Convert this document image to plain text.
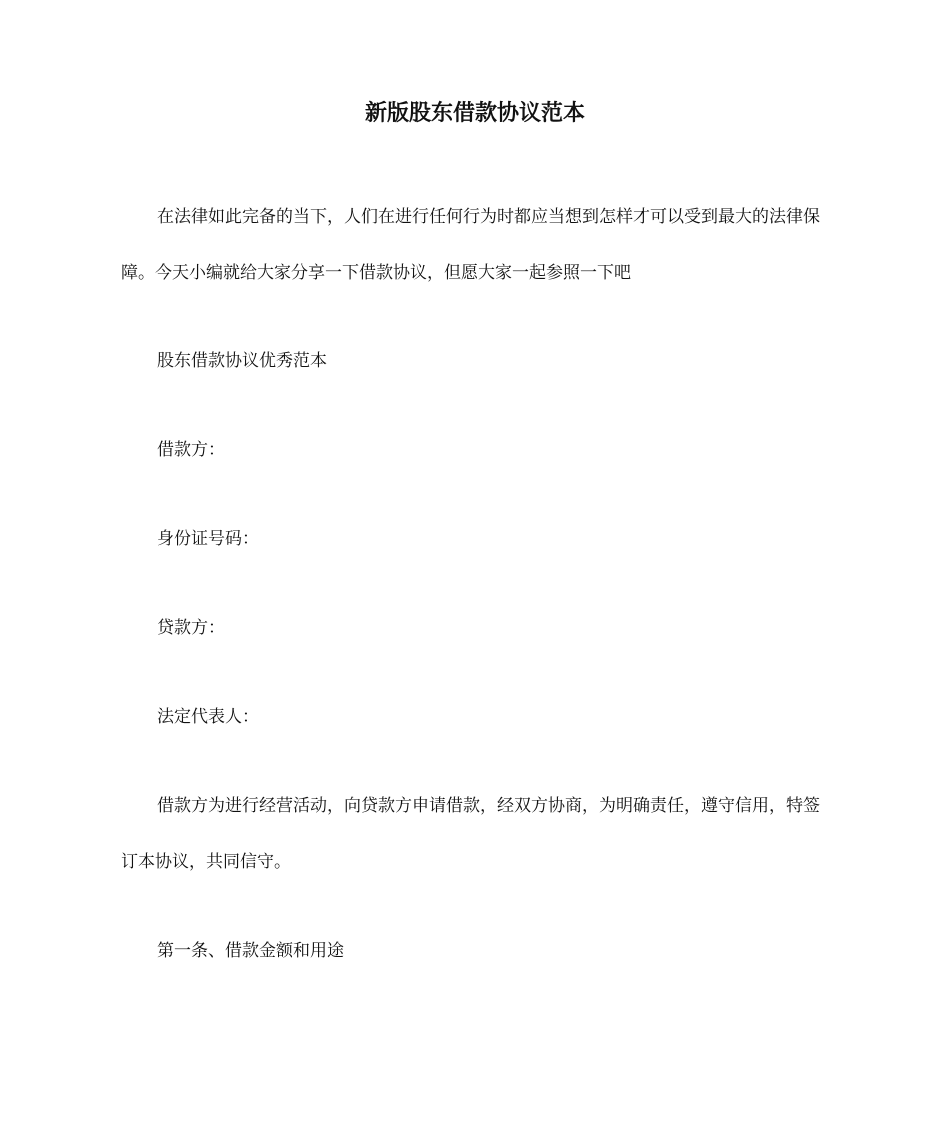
新版股东借款协议范本

在法律如此完备的当下，人们在进行任何行为时都应当想到怎样才可以受到最大的法律保障。今天小编就给大家分享一下借款协议，但愿大家一起参照一下吧

股东借款协议优秀范本

借款方：

身份证号码：

贷款方：

法定代表人：

借款方为进行经营活动，向贷款方申请借款，经双方协商，为明确责任，遵守信用，特签订本协议，共同信守。

第一条、借款金额和用途
